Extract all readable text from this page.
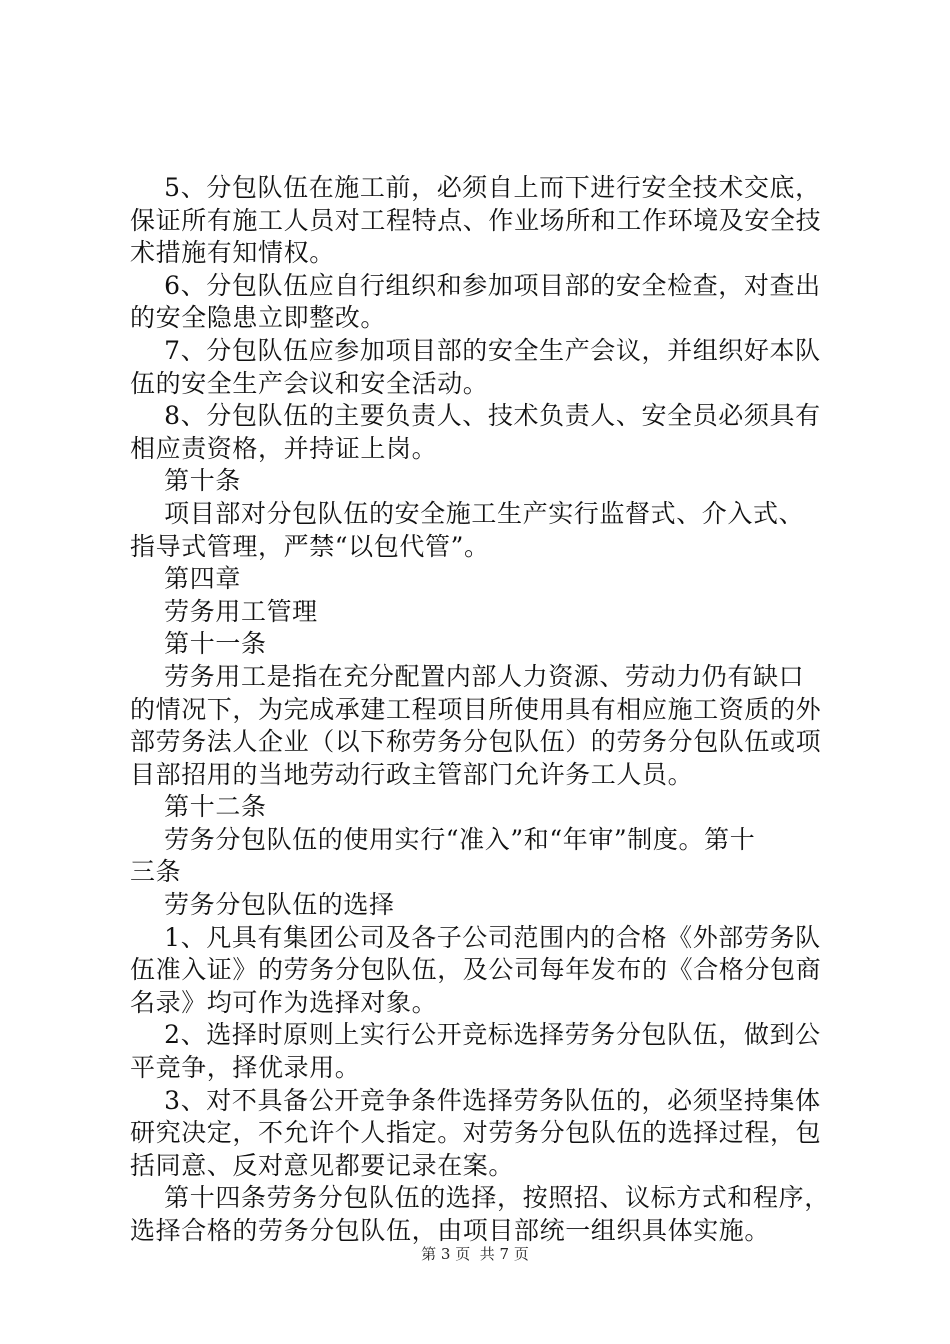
5、分包队伍在施工前，必须自上而下进行安全技术交底，
保证所有施工人员对工程特点、作业场所和工作环境及安全技
术措施有知情权。
6、分包队伍应自行组织和参加项目部的安全检查，对查出
的安全隐患立即整改。
7、分包队伍应参加项目部的安全生产会议，并组织好本队
伍的安全生产会议和安全活动。
8、分包队伍的主要负责人、技术负责人、安全员必须具有
相应责资格，并持证上岗。
第十条
项目部对分包队伍的安全施工生产实行监督式、介入式、
指导式管理，严禁“以包代管”。
第四章
劳务用工管理
第十一条
劳务用工是指在充分配置内部人力资源、劳动力仍有缺口
的情况下，为完成承建工程项目所使用具有相应施工资质的外
部劳务法人企业（以下称劳务分包队伍）的劳务分包队伍或项
目部招用的当地劳动行政主管部门允许务工人员。
第十二条
劳务分包队伍的使用实行“准入”和“年审”制度。第十
三条
劳务分包队伍的选择
1、凡具有集团公司及各子公司范围内的合格《外部劳务队
伍准入证》的劳务分包队伍，及公司每年发布的《合格分包商
名录》均可作为选择对象。
2、选择时原则上实行公开竞标选择劳务分包队伍，做到公
平竞争，择优录用。
3、对不具备公开竞争条件选择劳务队伍的，必须坚持集体
研究决定，不允许个人指定。对劳务分包队伍的选择过程，包
括同意、反对意见都要记录在案。
第十四条劳务分包队伍的选择，按照招、议标方式和程序，
选择合格的劳务分包队伍，由项目部统一组织具体实施。
第 3 页  共 7 页
